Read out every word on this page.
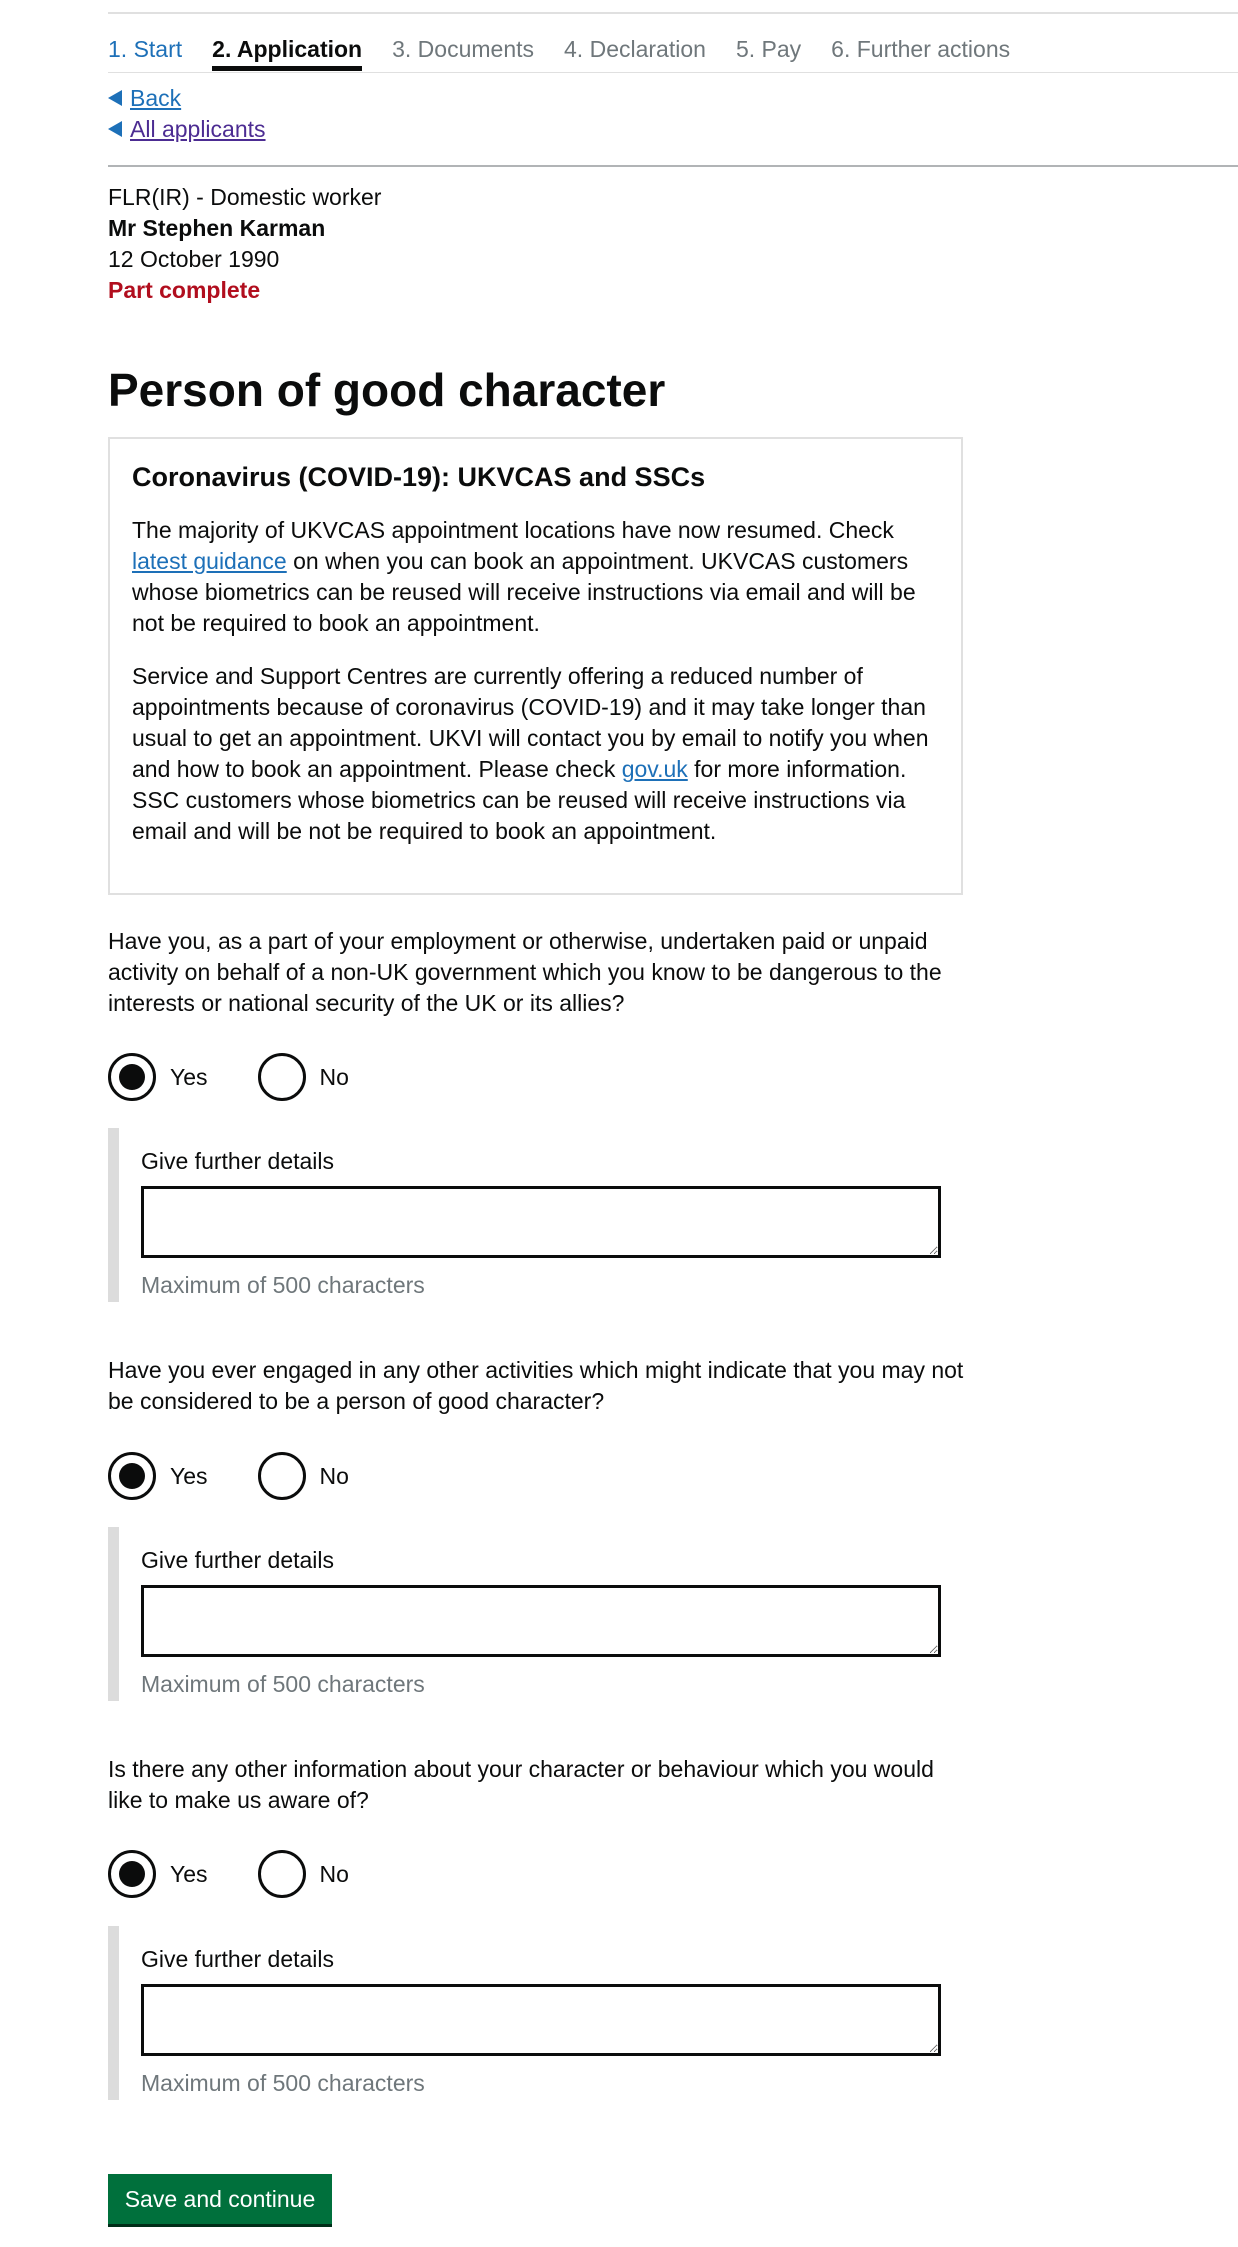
1. Start 2. Application 3. Documents 4. Declaration 5. Pay 6. Further actions
Back
All applicants
FLR(IR) - Domestic worker
Mr Stephen Karman
12 October 1990
Part complete
Person of good character
Coronavirus (COVID-19): UKVCAS and SSCs

The majority of UKVCAS appointment locations have now resumed. Check latest guidance on when you can book an appointment. UKVCAS customers whose biometrics can be reused will receive instructions via email and will be not be required to book an appointment.

Service and Support Centres are currently offering a reduced number of appointments because of coronavirus (COVID-19) and it may take longer than usual to get an appointment. UKVI will contact you by email to notify you when and how to book an appointment. Please check gov.uk for more information. SSC customers whose biometrics can be reused will receive instructions via email and will be not be required to book an appointment.

Have you, as a part of your employment or otherwise, undertaken paid or unpaid activity on behalf of a non-UK government which you know to be dangerous to the interests or national security of the UK or its allies?
Yes	No
Give further details
Maximum of 500 characters
Have you ever engaged in any other activities which might indicate that you may not be considered to be a person of good character?
Yes	No
Give further details
Maximum of 500 characters
Is there any other information about your character or behaviour which you would like to make us aware of?
Yes	No
Give further details
Maximum of 500 characters
Save and continue
